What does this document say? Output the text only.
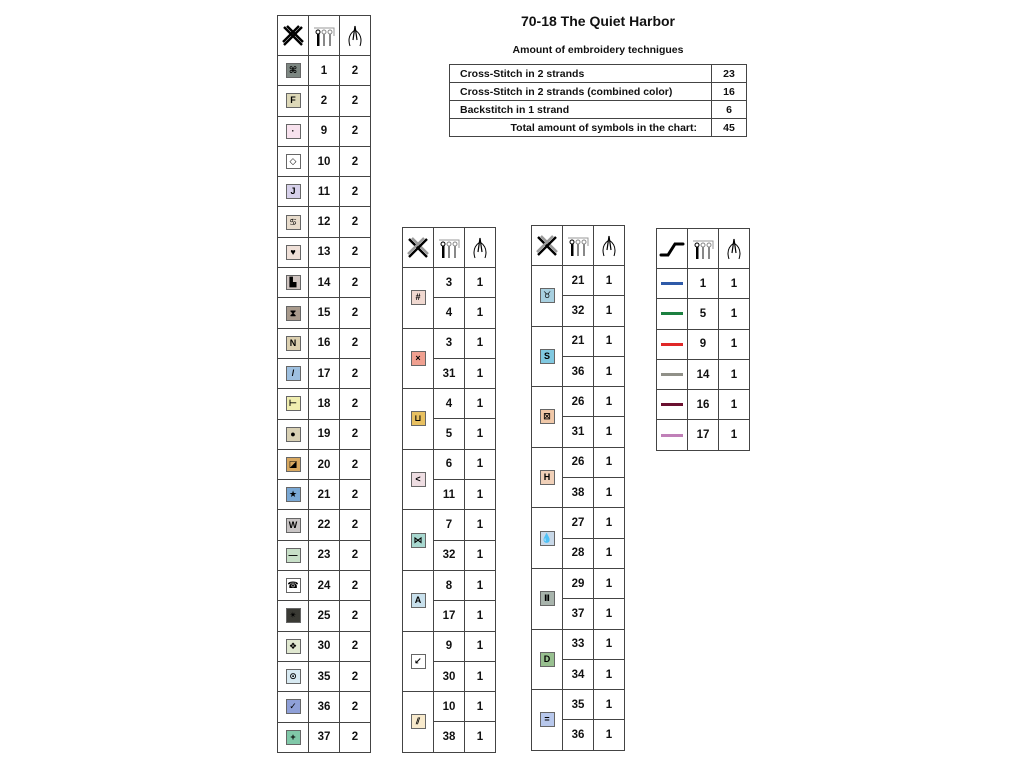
70-18 The Quiet Harbor
Amount of embroidery technigues
Cross-Stitch in 2 strands	23
Cross-Stitch in 2 strands (combined color)	16
Backstitch in 1 strand	6
Total amount of symbols in the chart:	45

⌘	1	2
F	2	2
·	9	2
◇	10	2
J	11	2
♋	12	2
♥	13	2
▙	14	2
⧗	15	2
N	16	2
/	17	2
⊢	18	2
●	19	2
◪	20	2
★	21	2
W	22	2
—	23	2
☎	24	2
✴	25	2
❖	30	2
⊙	35	2
✓	36	2
+	37	2

#	3	1
	4	1
×	3	1
	31	1
⊔	4	1
	5	1
<	6	1
	11	1
⋈	7	1
	32	1
A	8	1
	17	1
↙	9	1
	30	1
⫽	10	1
	38	1

♉	21	1
	32	1
S	21	1
	36	1
⊠	26	1
	31	1
H	26	1
	38	1
💧	27	1
	28	1
Ⅱ	29	1
	37	1
D	33	1
	34	1
=	35	1
	36	1

	1	1
	5	1
	9	1
	14	1
	16	1
	17	1
